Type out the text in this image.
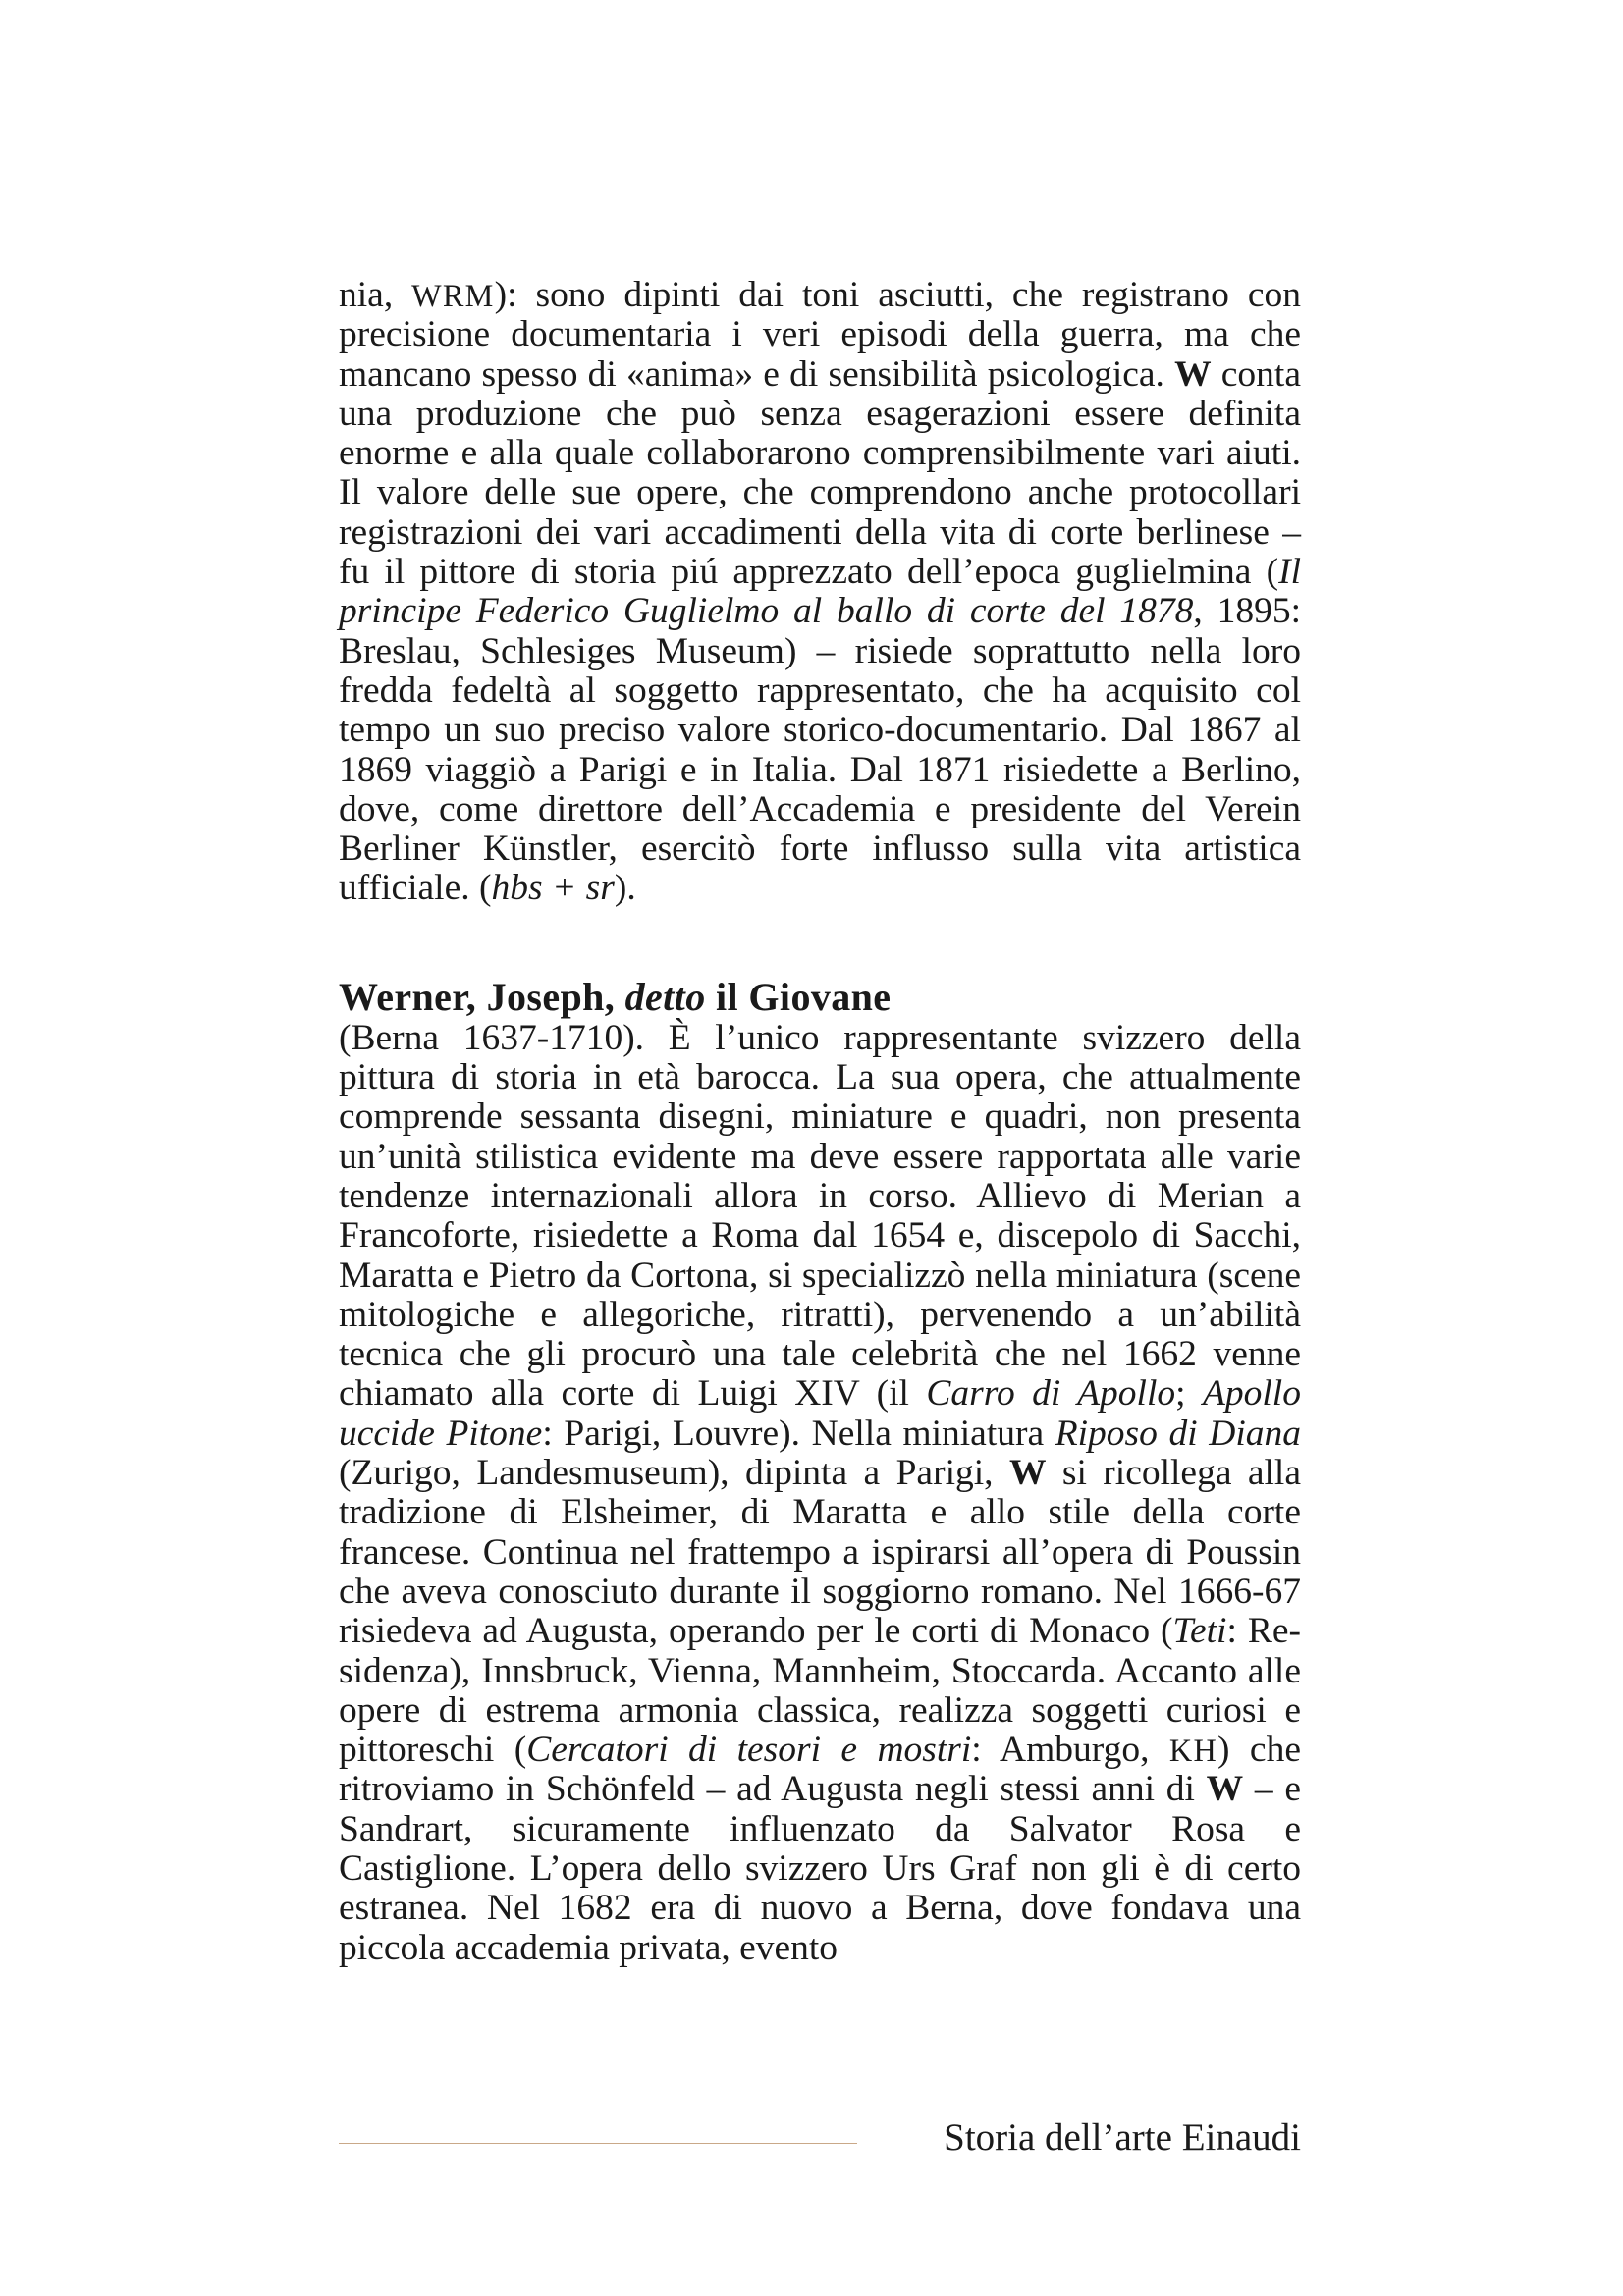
nia, WRM): sono dipinti dai toni asciutti, che registrano con precisione documentaria i veri episodi della guerra, ma che mancano spesso di «anima» e di sensibilità psicologica. W conta una produzione che può senza esagerazioni essere definita enorme e alla quale collaborarono comprensibilmente vari aiuti. Il valore delle sue opere, che comprendono anche protocollari registrazioni dei vari accadimenti della vita di corte berlinese – fu il pittore di storia piú apprezzato dell’epoca guglielmina (Il principe Federico Guglielmo al ballo di corte del 1878, 1895: Breslau, Schlesiges Museum) – risiede soprattutto nella loro fredda fedeltà al soggetto rappresentato, che ha acquisito col tempo un suo preciso valore storico-documentario. Dal 1867 al 1869 viaggiò a Parigi e in Italia. Dal 1871 risiedette a Berlino, dove, come direttore dell’Accademia e presidente del Verein Berliner Künstler, esercitò forte influsso sulla vita artistica ufficiale. (hbs + sr).

Werner, Joseph, detto il Giovane

(Berna 1637-1710). È l’unico rappresentante svizzero della pittura di storia in età barocca. La sua opera, che attualmente comprende sessanta disegni, miniature e quadri, non presenta un’unità stilistica evidente ma deve essere rapportata alle varie tendenze internazionali allora in corso. Allievo di Merian a Francoforte, risiedette a Roma dal 1654 e, discepolo di Sacchi, Maratta e Pietro da Cortona, si specializzò nella miniatura (scene mitologiche e allegoriche, ritratti), pervenendo a un’abilità tecnica che gli procurò una tale celebrità che nel 1662 venne chiamato alla corte di Luigi XIV (il Carro di Apollo; Apollo uccide Pitone: Parigi, Louvre). Nella miniatura Riposo di Diana (Zurigo, Landesmuseum), dipinta a Parigi, W si ricollega alla tradizione di Elsheimer, di Maratta e allo stile della corte francese. Continua nel frattempo a ispirarsi all’opera di Poussin che aveva conosciuto durante il soggiorno romano. Nel 1666-67 risiedeva ad Augusta, operando per le corti di Monaco (Teti: Residenza), Innsbruck, Vienna, Mannheim, Stoccarda. Accanto alle opere di estrema armonia classica, realizza soggetti curiosi e pittoreschi (Cercatori di tesori e mostri: Amburgo, KH) che ritroviamo in Schönfeld – ad Augusta negli stessi anni di W – e Sandrart, sicuramente influenzato da Salvator Rosa e Castiglione. L’opera dello svizzero Urs Graf non gli è di certo estranea. Nel 1682 era di nuovo a Berna, dove fondava una piccola accademia privata, evento

Storia dell’arte Einaudi
